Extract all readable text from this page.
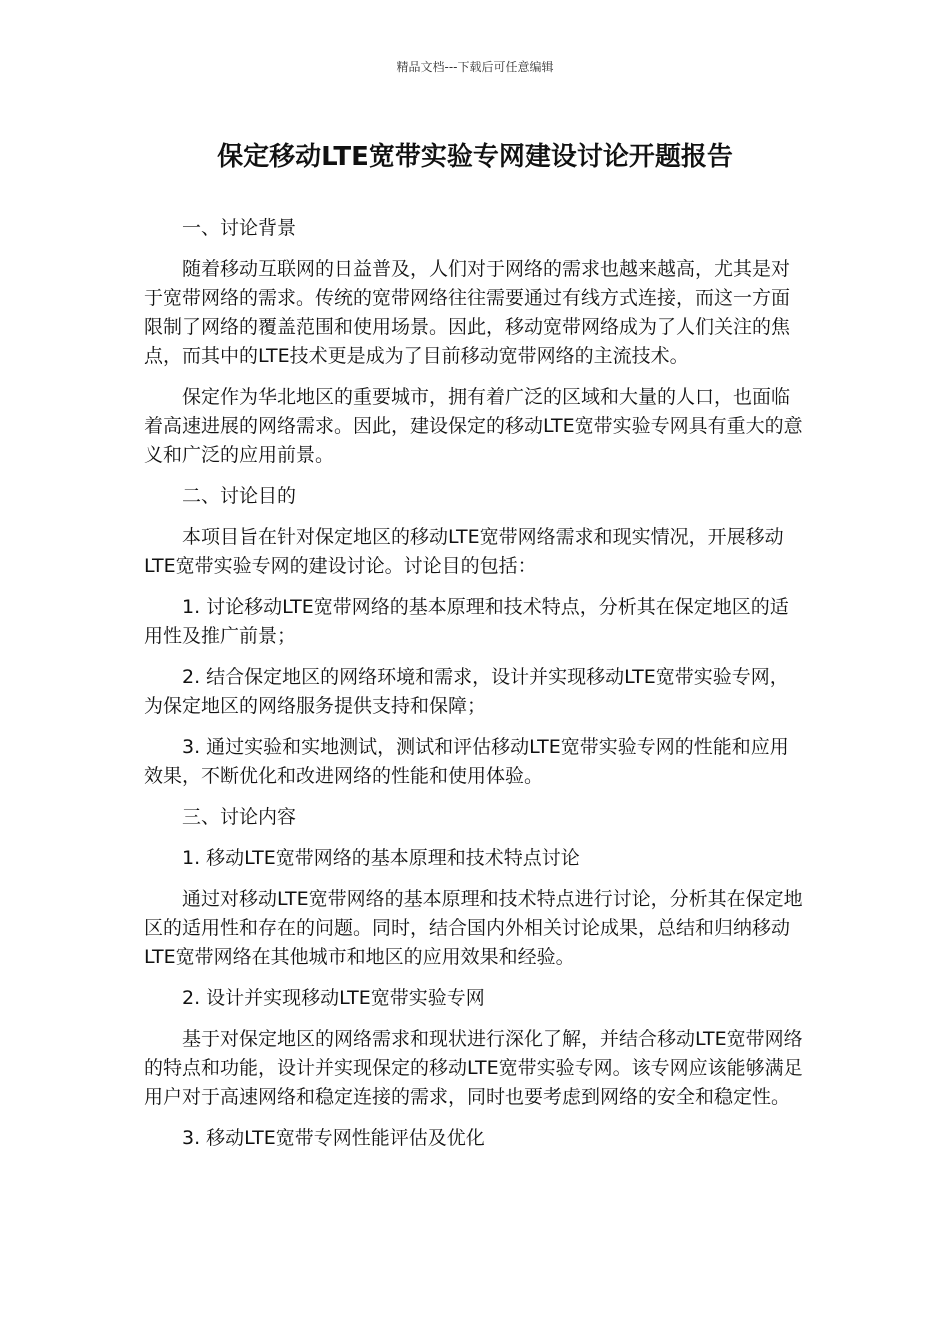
精品文档---下载后可任意编辑
保定移动LTE宽带实验专网建设讨论开题报告

一、讨论背景

随着移动互联网的日益普及，人们对于网络的需求也越来越高，尤其是对于宽带网络的需求。传统的宽带网络往往需要通过有线方式连接，而这一方面限制了网络的覆盖范围和使用场景。因此，移动宽带网络成为了人们关注的焦点，而其中的LTE技术更是成为了目前移动宽带网络的主流技术。

保定作为华北地区的重要城市，拥有着广泛的区域和大量的人口，也面临着高速进展的网络需求。因此，建设保定的移动LTE宽带实验专网具有重大的意义和广泛的应用前景。

二、讨论目的

本项目旨在针对保定地区的移动LTE宽带网络需求和现实情况，开展移动LTE宽带实验专网的建设讨论。讨论目的包括：

1. 讨论移动LTE宽带网络的基本原理和技术特点，分析其在保定地区的适用性及推广前景；

2. 结合保定地区的网络环境和需求，设计并实现移动LTE宽带实验专网，为保定地区的网络服务提供支持和保障；

3. 通过实验和实地测试，测试和评估移动LTE宽带实验专网的性能和应用效果，不断优化和改进网络的性能和使用体验。

三、讨论内容

1. 移动LTE宽带网络的基本原理和技术特点讨论

通过对移动LTE宽带网络的基本原理和技术特点进行讨论，分析其在保定地区的适用性和存在的问题。同时，结合国内外相关讨论成果，总结和归纳移动LTE宽带网络在其他城市和地区的应用效果和经验。

2. 设计并实现移动LTE宽带实验专网

基于对保定地区的网络需求和现状进行深化了解，并结合移动LTE宽带网络的特点和功能，设计并实现保定的移动LTE宽带实验专网。该专网应该能够满足用户对于高速网络和稳定连接的需求，同时也要考虑到网络的安全和稳定性。

3. 移动LTE宽带专网性能评估及优化
